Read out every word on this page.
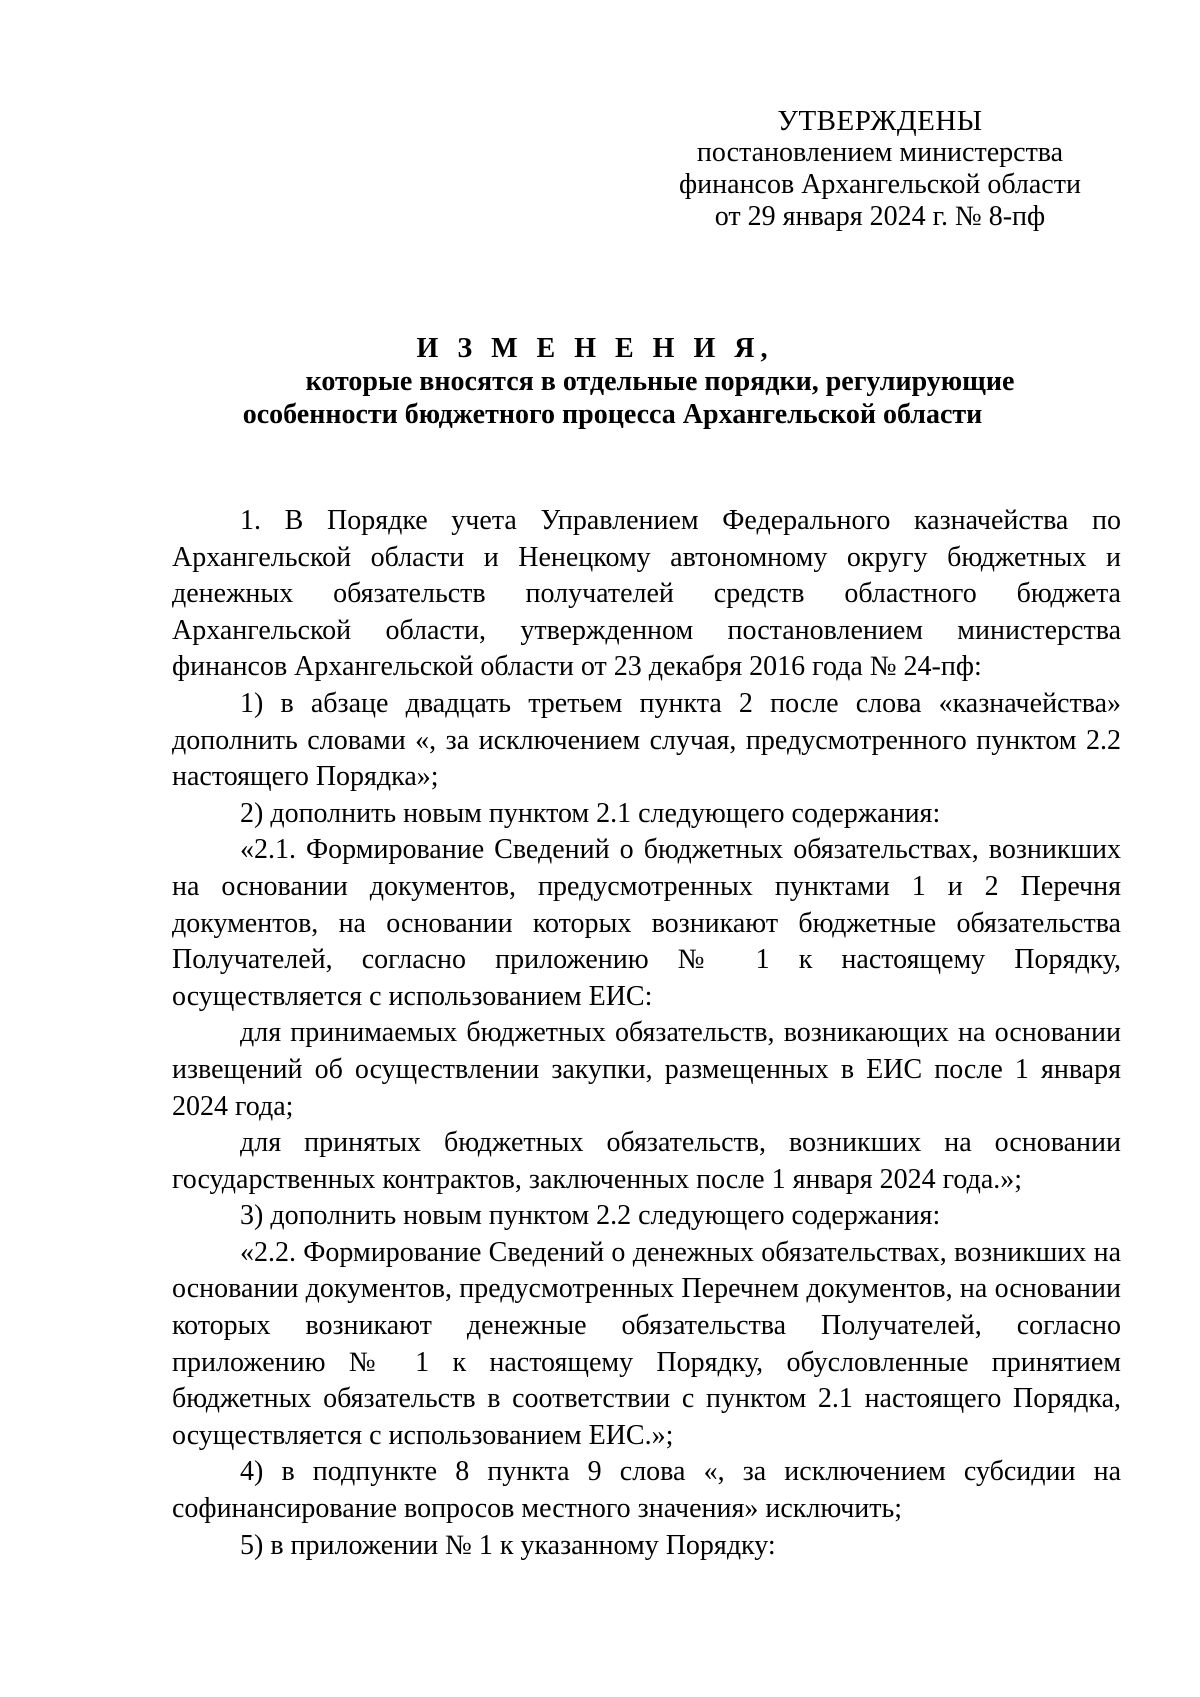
УТВЕРЖДЕНЫ
постановлением министерства
финансов Архангельской области
от 29 января 2024 г. № 8-пф
И З М Е Н Е Н И Я,
которые вносятся в отдельные порядки, регулирующие
особенности бюджетного процесса Архангельской области

1. В Порядке учета Управлением Федерального казначейства по Архангельской области и Ненецкому автономному округу бюджетных и денежных обязательств получателей средств областного бюджета Архангельской области, утвержденном постановлением министерства финансов Архангельской области от 23 декабря 2016 года № 24-пф:

1) в абзаце двадцать третьем пункта 2 после слова «казначейства» дополнить словами «, за исключением случая, предусмотренного пунктом 2.2 настоящего Порядка»;

2) дополнить новым пунктом 2.1 следующего содержания:

«2.1. Формирование Сведений о бюджетных обязательствах, возникших на основании документов, предусмотренных пунктами 1 и 2 Перечня документов, на основании которых возникают бюджетные обязательства Получателей, согласно приложению № 1 к настоящему Порядку, осуществляется с использованием ЕИС:

для принимаемых бюджетных обязательств, возникающих на основании извещений об осуществлении закупки, размещенных в ЕИС после 1 января 2024 года;

для принятых бюджетных обязательств, возникших на основании государственных контрактов, заключенных после 1 января 2024 года.»;

3) дополнить новым пунктом 2.2 следующего содержания:

«2.2. Формирование Сведений о денежных обязательствах, возникших на основании документов, предусмотренных Перечнем документов, на основании которых возникают денежные обязательства Получателей, согласно приложению № 1 к настоящему Порядку, обусловленные принятием бюджетных обязательств в соответствии с пунктом 2.1 настоящего Порядка, осуществляется с использованием ЕИС.»;

4) в подпункте 8 пункта 9 слова «, за исключением субсидии на софинансирование вопросов местного значения» исключить;

5) в приложении № 1 к указанному Порядку:
